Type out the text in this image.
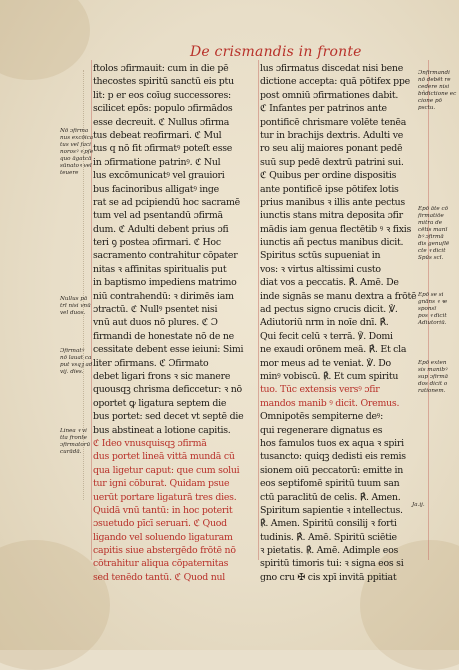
De crismandis in fronte
ftolos ɔfirmauit: cum in die pē
thecostes spiritū sanctū eis ptu
lit: p er eos coīug successores:
scilicet epōs: populo ɔfirmādos
esse decreuit. ℭ Nullus ɔfirma
tus debeat reɔfirmari. ℭ Mul
tus q nō fit ɔfirmatꝰ poteſt esse
in ɔfirmatione patrinꝰ. ℭ Nul
lus excōmunicatꝰ vel grauiori
bus facinoribus alligatꝰ inge
rat se ad pcipiendū hoc sacramē
tum vel ad psentandū ɔfirmā
dum. ℭ Adulti debent prius ɔfi
teri ꝯ postea ɔfirmari. ℭ Hoc
sacramento contrahitur cōpater
nitas ꝛ affinitas spiritualis put
in baptismo impediens matrimo
niū contrahendū: ꝛ dirimēs iam
ɔtractū. ℭ Nullꝰ psentet nisi
vnū aut duos nō plures. ℭ Ɔ
firmandi de honestate nō de ne
cessitate debent esse ieiuni: Simi
liter ɔfirmans. ℭ Ɔfirmato
debet ligari frons ꝛ sic manere
quousqꝫ chrisma deficcetur: ꝛ nō
oportet ꝙ ligatura septem die
bus portet: sed decet vt septē die
bus abstineat a lotione capitis.
ℭ Ideo vnusquisqꝫ ɔfirmā
dus portet lineā vittā mundā cū
qua ligetur caput: que cum solui
tur igni cōburat. Quidam psue
uerūt portare ligaturā tres dies.
Quidā vnū tantū: in hoc poterit
ɔsuetudo pīcī seruari. ℭ Quod
ligando vel soluendo ligaturam
capitis siue abstergēdo frōtē nō
cōtrahitur aliqua cōpaternitas
sed tenēdo tantū. ℭ Quod nul
lus ɔfirmatus discedat nisi bene
dictione accepta: quā pōtifex ppe
post omniū ɔfirmationes dabit.
ℭ Infantes per patrinos ante
pontificē chrismare volēte tenēa
tur in brachijs dextris. Adulti ve
ro seu alij maiores ponant pedē
suū sup pedē dextrū patrini sui.
ℭ Quibus per ordine dispositis
ante pontificē ipse pōtifex lotis
prius manibus ꝛ illis ante pectus
iunctis stans mitra deposita ɔfir
mādis iam genua flectētib ꝰ ꝛ fixis
iunctis añ pectus manibus dicit.
Spiritus sctūs supueniat in
vos: ꝛ virtus altissimi custo
diat vos a peccatis. ℟. Amē. De
inde signās se manu dextra a frōtē
ad pectus signo crucis dicit. ℣.
Adiutoriū nrm in noīe dnī. ℟.
Qui fecit celū ꝛ terrā. ℣. Domi
ne exaudi orōnem meā. ℟. Et cla
mor meus ad te veniat. ℣. Do
minꝰ vobiscū. ℟. Et cum spiritu
tuo. Tūc extensis versꝰ ɔfir
mandos manib ꝰ dicit. Oremus.
Omnipotēs sempiterne deꝰ:
qui regenerare dignatus es
hos famulos tuos ex aqua ꝛ spiri
tusancto: quiqꝫ dedisti eis remis
sionem oiū peccatorū: emitte in
eos septifomē spiritū tuum san
ctū paraclitū de celis. ℟. Amen.
Spiritum sapientie ꝛ intellectus.
℟. Amen. Spiritū consilij ꝛ forti
tudinis. ℟. Amē. Spiritū sciētie
ꝛ pietatis. ℟. Amē. Adimple eos
spiritū timoris tui: ꝛ signa eos si
gno cru ✠ cis xpī invitā ppitiat
Nō ɔfirma
nus excōica
tus vel faci
norosꝰ ꝛ pſe
quo āgatcā
sūnatoꝛ vel
teuere
Nullus pā
trī nisi vnū
vel duos.
Ɔfirmatꝰ
nō lauat ca
put vsqꝫ ad
vij. dies.
Linea ꝛ vi
tta fronte
ɔfirmatorū
curādā.
Ɔnfirmandi
nō debēt re
cedere nisi
bñdictione ec
cione pō
psctu.
Epō āte cō
firmatiōe
mitra de
cētis manī
bꝰ ɔfirmā
dis genuflē
cte ꝛ dicit
Spūs scī.
Epō se si
gnāns ꝛ ꝛe
sponsī
pos ꝛ dicit
Adiutoriū.
Epō exten
sis manibꝰ
sup ɔfirmā
dos dicit o
rationem.
Ja.ij.
